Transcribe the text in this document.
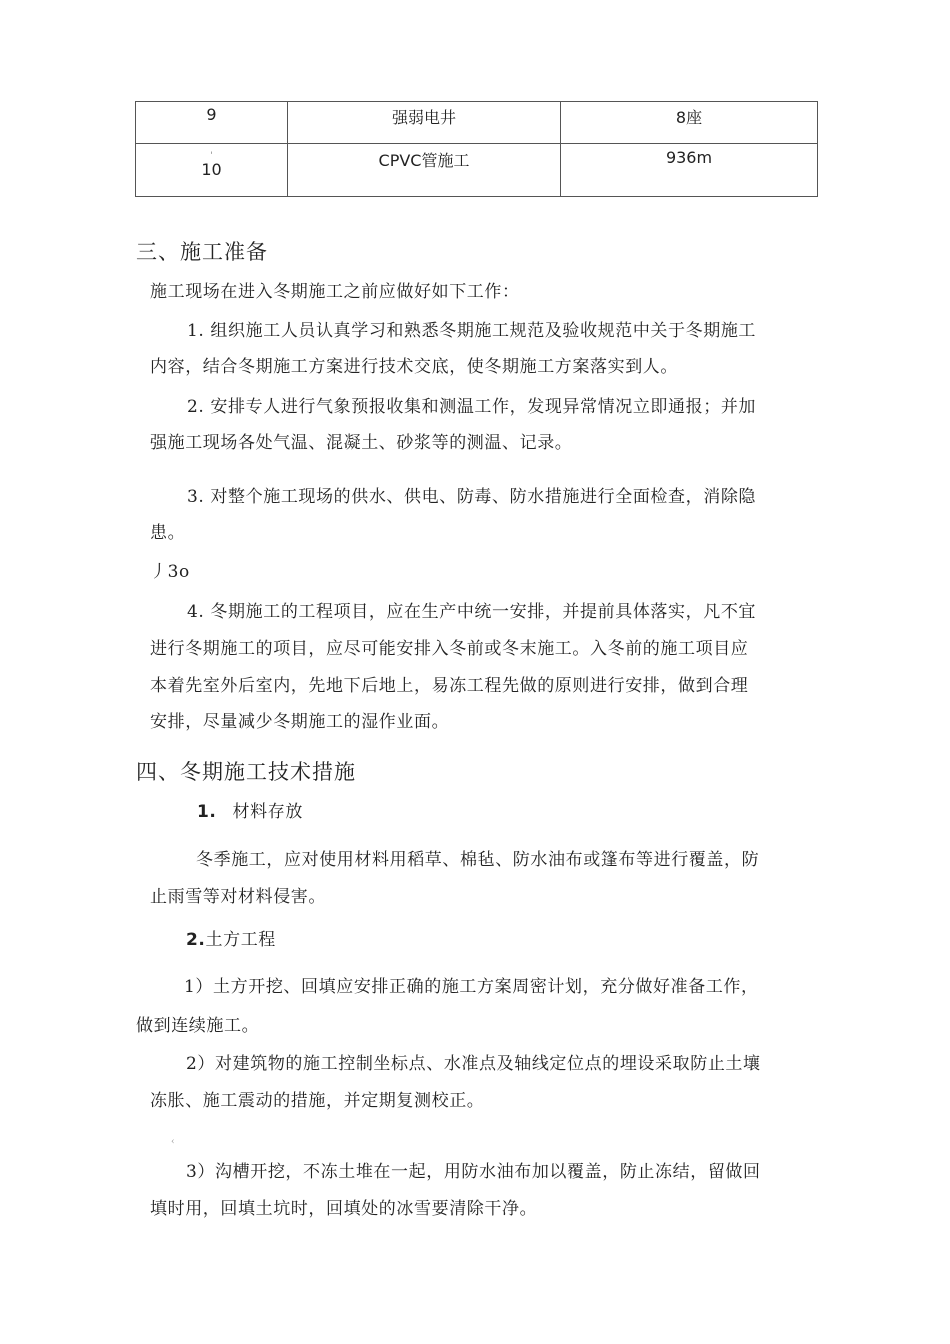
9	强弱电井	8座

'
10	CPVC管施工	936m
三、施工准备
施工现场在进入冬期施工之前应做好如下工作：
1. 组织施工人员认真学习和熟悉冬期施工规范及验收规范中关于冬期施工
内容，结合冬期施工方案进行技术交底，使冬期施工方案落实到人。
2. 安排专人进行气象预报收集和测温工作，发现异常情况立即通报；并加
强施工现场各处气温、混凝土、砂浆等的测温、记录。
3. 对整个施工现场的供水、供电、防毒、防水措施进行全面检查，消除隐
患。
丿3o
4. 冬期施工的工程项目，应在生产中统一安排，并提前具体落实，凡不宜
进行冬期施工的项目，应尽可能安排入冬前或冬末施工。入冬前的施工项目应
本着先室外后室内，先地下后地上，易冻工程先做的原则进行安排，做到合理
安排，尽量减少冬期施工的湿作业面。
四、冬期施工技术措施
1. 材料存放
冬季施工，应对使用材料用稻草、棉毡、防水油布或篷布等进行覆盖，防
止雨雪等对材料侵害。
2.土方工程
1）土方开挖、回填应安排正确的施工方案周密计划，充分做好准备工作，
做到连续施工。
2）对建筑物的施工控制坐标点、水准点及轴线定位点的埋设采取防止土壤
冻胀、施工震动的措施，并定期复测校正。
‹
3）沟槽开挖，不冻土堆在一起，用防水油布加以覆盖，防止冻结，留做回
填时用，回填土坑时，回填处的冰雪要清除干净。
